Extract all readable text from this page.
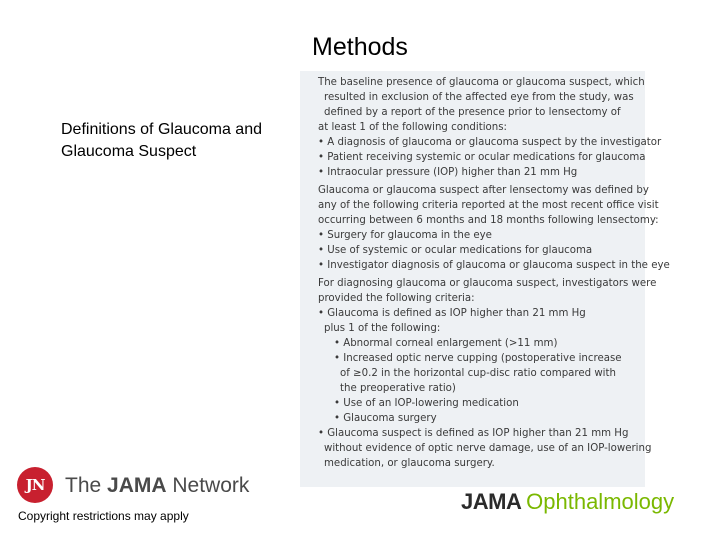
Methods
Definitions of Glaucoma and
Glaucoma Suspect

The baseline presence of glaucoma or glaucoma suspect, which
resulted in exclusion of the affected eye from the study, was
defined by a report of the presence prior to lensectomy of
at least 1 of the following conditions:
• A diagnosis of glaucoma or glaucoma suspect by the investigator
• Patient receiving systemic or ocular medications for glaucoma
• Intraocular pressure (IOP) higher than 21 mm Hg

Glaucoma or glaucoma suspect after lensectomy was defined by
any of the following criteria reported at the most recent office visit
occurring between 6 months and 18 months following lensectomy:
• Surgery for glaucoma in the eye
• Use of systemic or ocular medications for glaucoma
• Investigator diagnosis of glaucoma or glaucoma suspect in the eye

For diagnosing glaucoma or glaucoma suspect, investigators were
provided the following criteria:
• Glaucoma is defined as IOP higher than 21 mm Hg
plus 1 of the following:
• Abnormal corneal enlargement (>11 mm)
• Increased optic nerve cupping (postoperative increase
of ≥0.2 in the horizontal cup-disc ratio compared with
the preoperative ratio)
• Use of an IOP-lowering medication
• Glaucoma surgery
• Glaucoma suspect is defined as IOP higher than 21 mm Hg
without evidence of optic nerve damage, use of an IOP-lowering
medication, or glaucoma surgery.

JN The JAMA Network
Copyright restrictions may apply
JAMA Ophthalmology
